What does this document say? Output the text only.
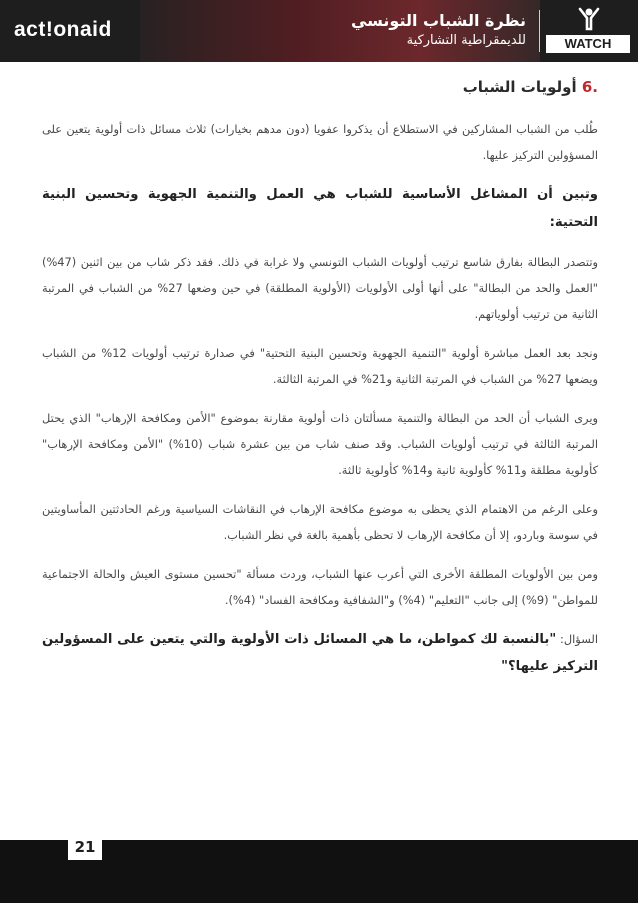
act!onaid	نظرة الشباب التونسي
للديمقراطية التشاركية	WATCH
.6 أولويات الشباب

طُلب من الشباب المشاركين في الاستطلاع أن يذكروا عفويا (دون مدهم بخيارات) ثلاث مسائل ذات أولوية يتعين على المسؤولين التركيز عليها.

وتبين أن المشاغل الأساسية للشباب هي العمل والتنمية الجهوية وتحسين البنية التحتية:

وتتصدر البطالة بفارق شاسع ترتيب أولويات الشباب التونسي ولا غرابة في ذلك. فقد ذكر شاب من بين اثنين (47%) "العمل والحد من البطالة" على أنها أولى الأولويات (الأولوية المطلقة) في حين وضعها 27% من الشباب في المرتبة الثانية من ترتيب أولوياتهم.

ونجد بعد العمل مباشرة أولوية "التنمية الجهوية وتحسين البنية التحتية" في صدارة ترتيب أولويات 12% من الشباب ويضعها 27% من الشباب في المرتبة الثانية و21% في المرتبة الثالثة.

ويرى الشباب أن الحد من البطالة والتنمية مسألتان ذات أولوية مقارنة بموضوع "الأمن ومكافحة الإرهاب" الذي يحتل المرتبة الثالثة في ترتيب أولويات الشباب. وقد صنف شاب من بين عشرة شباب (10%) "الأمن ومكافحة الإرهاب" كأولوية مطلقة و11% كأولوية ثانية و14% كأولوية ثالثة.

وعلى الرغم من الاهتمام الذي يحظى به موضوع مكافحة الإرهاب في النقاشات السياسية ورغم الحادثتين المأساويتين في سوسة وباردو، إلا أن مكافحة الإرهاب لا تحظى بأهمية بالغة في نظر الشباب.

ومن بين الأولويات المطلقة الأخرى التي أعرب عنها الشباب، وردت مسألة "تحسين مستوى العيش والحالة الاجتماعية للمواطن" (9%) إلى جانب "التعليم" (4%) و"الشفافية ومكافحة الفساد" (4%).

السؤال: "بالنسبة لك كمواطن، ما هي المسائل ذات الأولوية والتي يتعين على المسؤولين التركيز عليها؟"

21
